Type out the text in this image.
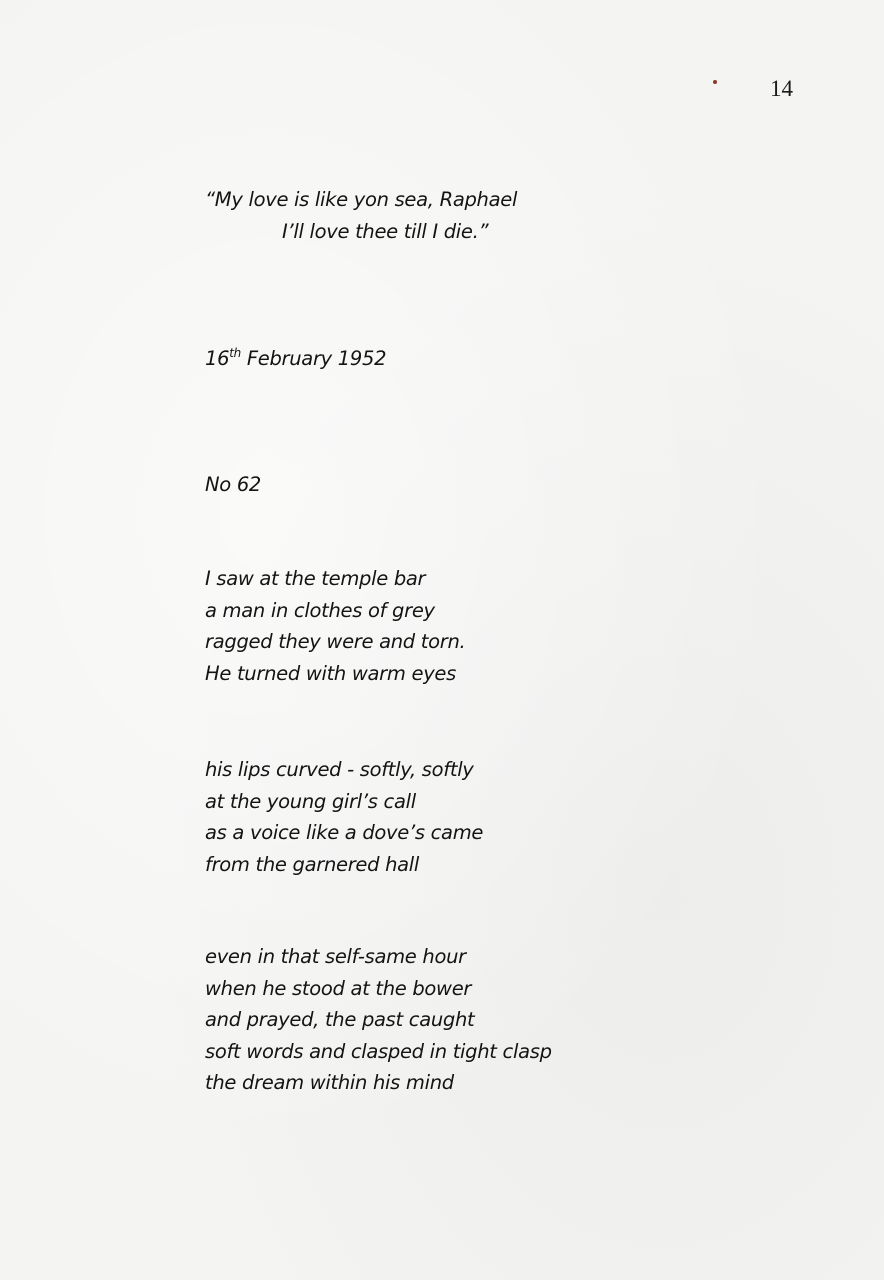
14
“My love is like yon sea, Raphael
I’ll love thee till I die.”
16th February 1952
No 62
I saw at the temple bar
a man in clothes of grey
ragged they were and torn.
He turned with warm eyes
his lips curved - softly, softly
at the young girl’s call
as a voice like a dove’s came
from the garnered hall
even in that self-same hour
when he stood at the bower
and prayed, the past caught
soft words and clasped in tight clasp
the dream within his mind
